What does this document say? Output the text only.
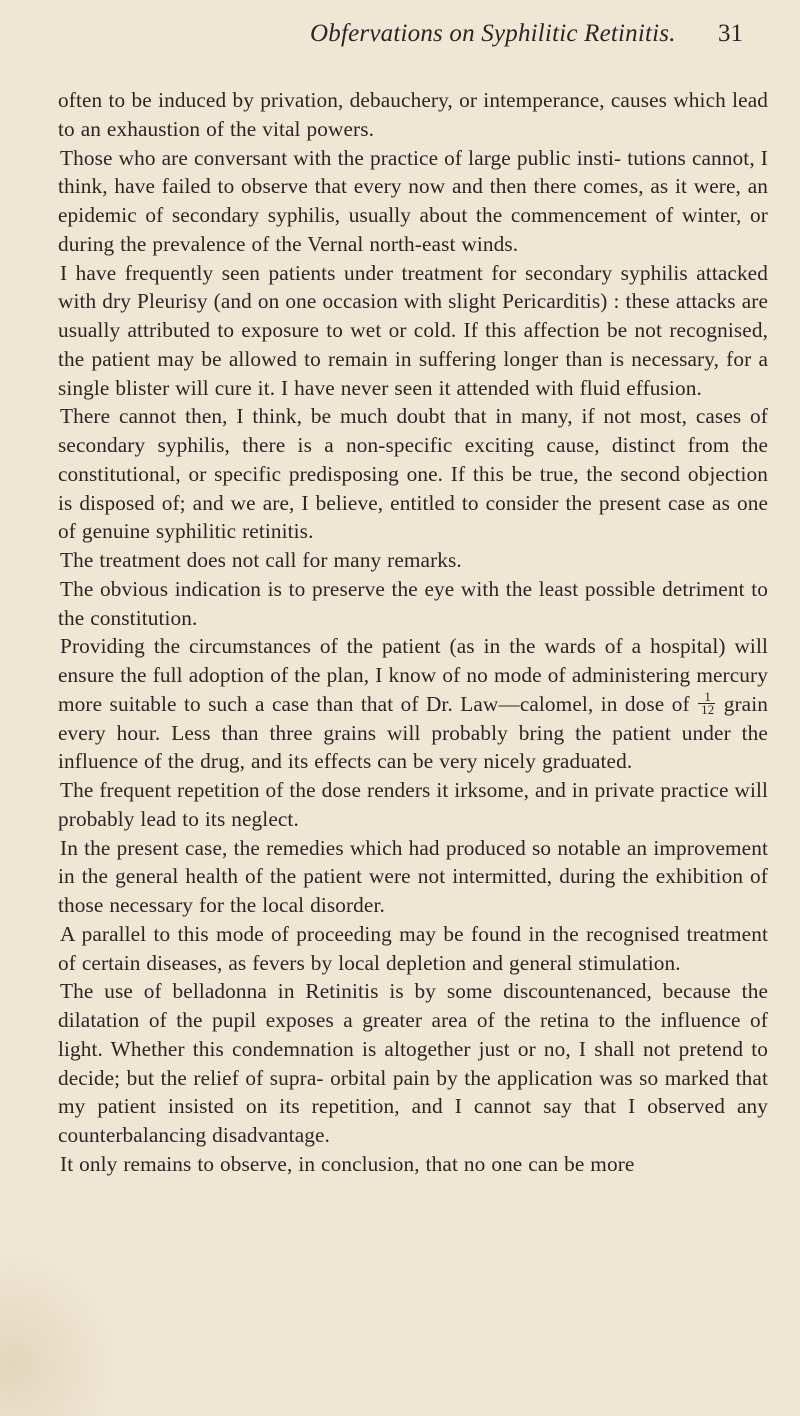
Obfervations on Syphilitic Retinitis. 31

often to be induced by privation, debauchery, or intemperance, causes which lead to an exhaustion of the vital powers.

Those who are conversant with the practice of large public insti- tutions cannot, I think, have failed to observe that every now and then there comes, as it were, an epidemic of secondary syphilis, usually about the commencement of winter, or during the prevalence of the Vernal north-east winds.

I have frequently seen patients under treatment for secondary syphilis attacked with dry Pleurisy (and on one occasion with slight Pericarditis) : these attacks are usually attributed to exposure to wet or cold. If this affection be not recognised, the patient may be allowed to remain in suffering longer than is necessary, for a single blister will cure it. I have never seen it attended with fluid effusion.

There cannot then, I think, be much doubt that in many, if not most, cases of secondary syphilis, there is a non-specific exciting cause, distinct from the constitutional, or specific predisposing one. If this be true, the second objection is disposed of; and we are, I believe, entitled to consider the present case as one of genuine syphilitic retinitis.

The treatment does not call for many remarks.

The obvious indication is to preserve the eye with the least possible detriment to the constitution.

Providing the circumstances of the patient (as in the wards of a hospital) will ensure the full adoption of the plan, I know of no mode of administering mercury more suitable to such a case than that of Dr. Law—calomel, in dose of $\frac{1}{12}$ grain every hour. Less than three grains will probably bring the patient under the influence of the drug, and its effects can be very nicely graduated.

The frequent repetition of the dose renders it irksome, and in private practice will probably lead to its neglect.

In the present case, the remedies which had produced so notable an improvement in the general health of the patient were not intermitted, during the exhibition of those necessary for the local disorder.

A parallel to this mode of proceeding may be found in the recognised treatment of certain diseases, as fevers by local depletion and general stimulation.

The use of belladonna in Retinitis is by some discountenanced, because the dilatation of the pupil exposes a greater area of the retina to the influence of light. Whether this condemnation is altogether just or no, I shall not pretend to decide; but the relief of supra- orbital pain by the application was so marked that my patient insisted on its repetition, and I cannot say that I observed any counterbalancing disadvantage.

It only remains to observe, in conclusion, that no one can be more
